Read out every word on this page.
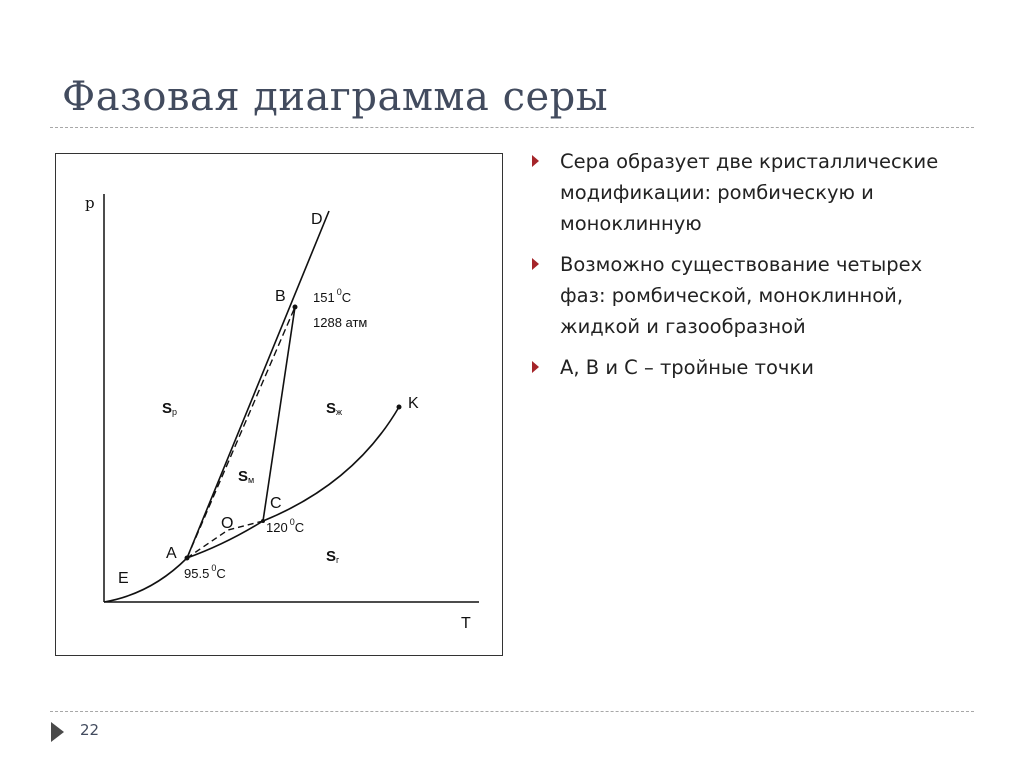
Фазовая диаграмма серы
p
T
D
B 151 $^0$C
1288 атм
K
C
120 $^0$C
O
A
95.5 $^0$C
E
Sр	Sж
Sм
Sг
Сера образует две кристаллические модификации: ромбическую и моноклинную
Возможно существование четырех фаз: ромбической, моноклинной, жидкой и газообразной
А, В и С – тройные точки
22
